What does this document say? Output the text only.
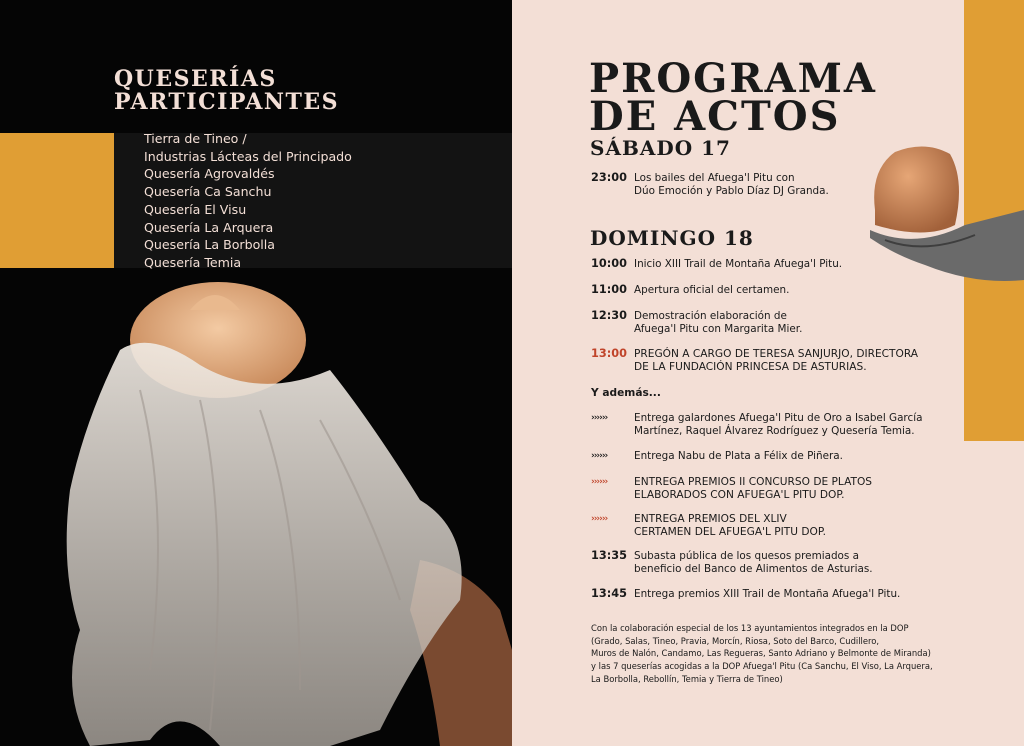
QUESERÍAS
PARTICIPANTES
Tierra de Tineo /
Industrias Lácteas del Principado
Quesería Agrovaldés
Quesería Ca Sanchu
Quesería El Visu
Quesería La Arquera
Quesería La Borbolla
Quesería Temia
PROGRAMA
DE ACTOS
SÁBADO 17
23:00 Los bailes del Afuega'l Pitu con
Dúo Emoción y Pablo Díaz DJ Granda.
DOMINGO 18
10:00 Inicio XIII Trail de Montaña Afuega'l Pitu.
11:00 Apertura oficial del certamen.
12:30 Demostración elaboración de
Afuega'l Pitu con Margarita Mier.
13:00 PREGÓN A CARGO DE TERESA SANJURJO, DIRECTORA
DE LA FUNDACIÓN PRINCESA DE ASTURIAS.

Y además...

››››››	Entrega galardones Afuega'l Pitu de Oro a Isabel García
Martínez, Raquel Álvarez Rodríguez y Quesería Temia.
››››››	Entrega Nabu de Plata a Félix de Piñera.
››››››	ENTREGA PREMIOS II CONCURSO DE PLATOS
ELABORADOS CON AFUEGA'L PITU DOP.
››››››	ENTREGA PREMIOS DEL XLIV
CERTAMEN DEL AFUEGA'L PITU DOP.
13:35 Subasta pública de los quesos premiados a
beneficio del Banco de Alimentos de Asturias.
13:45 Entrega premios XIII Trail de Montaña Afuega'l Pitu.

Con la colaboración especial de los 13 ayuntamientos integrados en la DOP
(Grado, Salas, Tineo, Pravia, Morcín, Riosa, Soto del Barco, Cudillero,
Muros de Nalón, Candamo, Las Regueras, Santo Adriano y Belmonte de Miranda)
y las 7 queserías acogidas a la DOP Afuega'l Pitu (Ca Sanchu, El Viso, La Arquera,
La Borbolla, Rebollín, Temia y Tierra de Tineo)
